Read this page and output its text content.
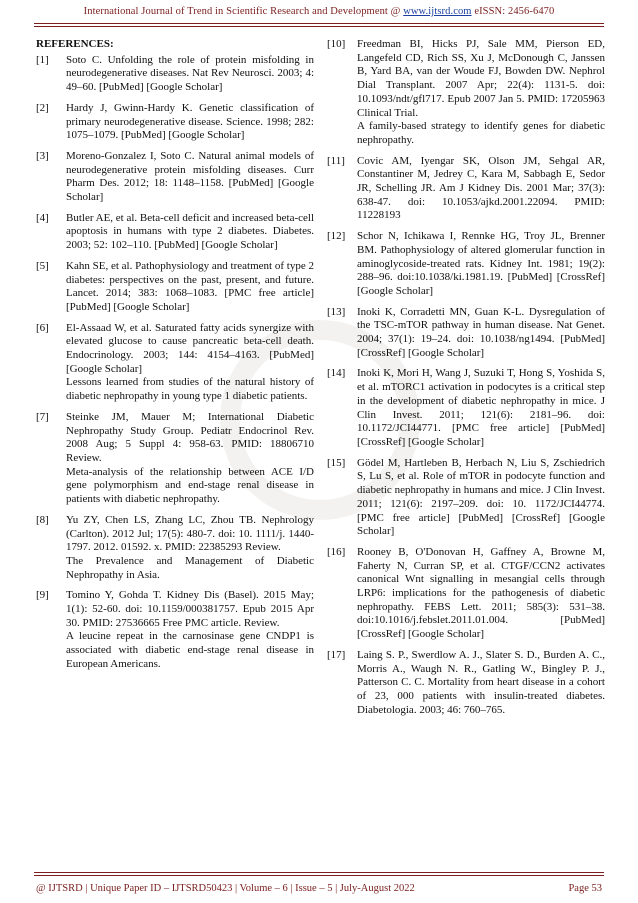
International Journal of Trend in Scientific Research and Development @ www.ijtsrd.com eISSN: 2456-6470
REFERENCES:
[1]	Soto C. Unfolding the role of protein misfolding in neurodegenerative diseases. Nat Rev Neurosci. 2003; 4: 49–60. [PubMed] [Google Scholar]
[2]	Hardy J, Gwinn-Hardy K. Genetic classification of primary neurodegenerative disease. Science. 1998; 282: 1075–1079. [PubMed] [Google Scholar]
[3]	Moreno-Gonzalez I, Soto C. Natural animal models of neurodegenerative protein misfolding diseases. Curr Pharm Des. 2012; 18: 1148–1158. [PubMed] [Google Scholar]
[4]	Butler AE, et al. Beta-cell deficit and increased beta-cell apoptosis in humans with type 2 diabetes. Diabetes. 2003; 52: 102–110. [PubMed] [Google Scholar]
[5]	Kahn SE, et al. Pathophysiology and treatment of type 2 diabetes: perspectives on the past, present, and future. Lancet. 2014; 383: 1068–1083. [PMC free article] [PubMed] [Google Scholar]
[6]	El-Assaad W, et al. Saturated fatty acids synergize with elevated glucose to cause pancreatic beta-cell death. Endocrinology. 2003; 144: 4154–4163. [PubMed] [Google Scholar]
Lessons learned from studies of the natural history of diabetic nephropathy in young type 1 diabetic patients.
[7]	Steinke JM, Mauer M; International Diabetic Nephropathy Study Group. Pediatr Endocrinol Rev. 2008 Aug; 5 Suppl 4: 958-63. PMID: 18806710 Review.
Meta-analysis of the relationship between ACE I/D gene polymorphism and end-stage renal disease in patients with diabetic nephropathy.
[8]	Yu ZY, Chen LS, Zhang LC, Zhou TB. Nephrology (Carlton). 2012 Jul; 17(5): 480-7. doi: 10. 1111/j. 1440-1797. 2012. 01592. x. PMID: 22385293 Review.
The Prevalence and Management of Diabetic Nephropathy in Asia.
[9]	Tomino Y, Gohda T. Kidney Dis (Basel). 2015 May; 1(1): 52-60. doi: 10.1159/000381757. Epub 2015 Apr 30. PMID: 27536665 Free PMC article. Review.
A leucine repeat in the carnosinase gene CNDP1 is associated with diabetic end-stage renal disease in European Americans.
[10]	Freedman BI, Hicks PJ, Sale MM, Pierson ED, Langefeld CD, Rich SS, Xu J, McDonough C, Janssen B, Yard BA, van der Woude FJ, Bowden DW. Nephrol Dial Transplant. 2007 Apr; 22(4): 1131-5. doi: 10.1093/ndt/gfl717. Epub 2007 Jan 5. PMID: 17205963 Clinical Trial.
A family-based strategy to identify genes for diabetic nephropathy.
[11]	Covic AM, Iyengar SK, Olson JM, Sehgal AR, Constantiner M, Jedrey C, Kara M, Sabbagh E, Sedor JR, Schelling JR. Am J Kidney Dis. 2001 Mar; 37(3): 638-47. doi: 10.1053/ajkd.2001.22094. PMID: 11228193
[12]	Schor N, Ichikawa I, Rennke HG, Troy JL, Brenner BM. Pathophysiology of altered glomerular function in aminoglycoside-treated rats. Kidney Int. 1981; 19(2): 288–96. doi:10.1038/ki.1981.19. [PubMed] [CrossRef] [Google Scholar]
[13]	Inoki K, Corradetti MN, Guan K-L. Dysregulation of the TSC-mTOR pathway in human disease. Nat Genet. 2004; 37(1): 19–24. doi: 10.1038/ng1494. [PubMed] [CrossRef] [Google Scholar]
[14]	Inoki K, Mori H, Wang J, Suzuki T, Hong S, Yoshida S, et al. mTORC1 activation in podocytes is a critical step in the development of diabetic nephropathy in mice. J Clin Invest. 2011; 121(6): 2181–96. doi: 10.1172/JCI44771. [PMC free article] [PubMed] [CrossRef] [Google Scholar]
[15]	Gödel M, Hartleben B, Herbach N, Liu S, Zschiedrich S, Lu S, et al. Role of mTOR in podocyte function and diabetic nephropathy in humans and mice. J Clin Invest. 2011; 121(6): 2197–209. doi: 10. 1172/JCI44774. [PMC free article] [PubMed] [CrossRef] [Google Scholar]
[16]	Rooney B, O'Donovan H, Gaffney A, Browne M, Faherty N, Curran SP, et al. CTGF/CCN2 activates canonical Wnt signalling in mesangial cells through LRP6: implications for the pathogenesis of diabetic nephropathy. FEBS Lett. 2011; 585(3): 531–38. doi:10.1016/j.febslet.2011.01.004. [PubMed] [CrossRef] [Google Scholar]
[17]	Laing S. P., Swerdlow A. J., Slater S. D., Burden A. C., Morris A., Waugh N. R., Gatling W., Bingley P. J., Patterson C. C. Mortality from heart disease in a cohort of 23, 000 patients with insulin-treated diabetes. Diabetologia. 2003; 46: 760–765.
@ IJTSRD | Unique Paper ID – IJTSRD50423 | Volume – 6 | Issue – 5 | July-August 2022	Page 53
